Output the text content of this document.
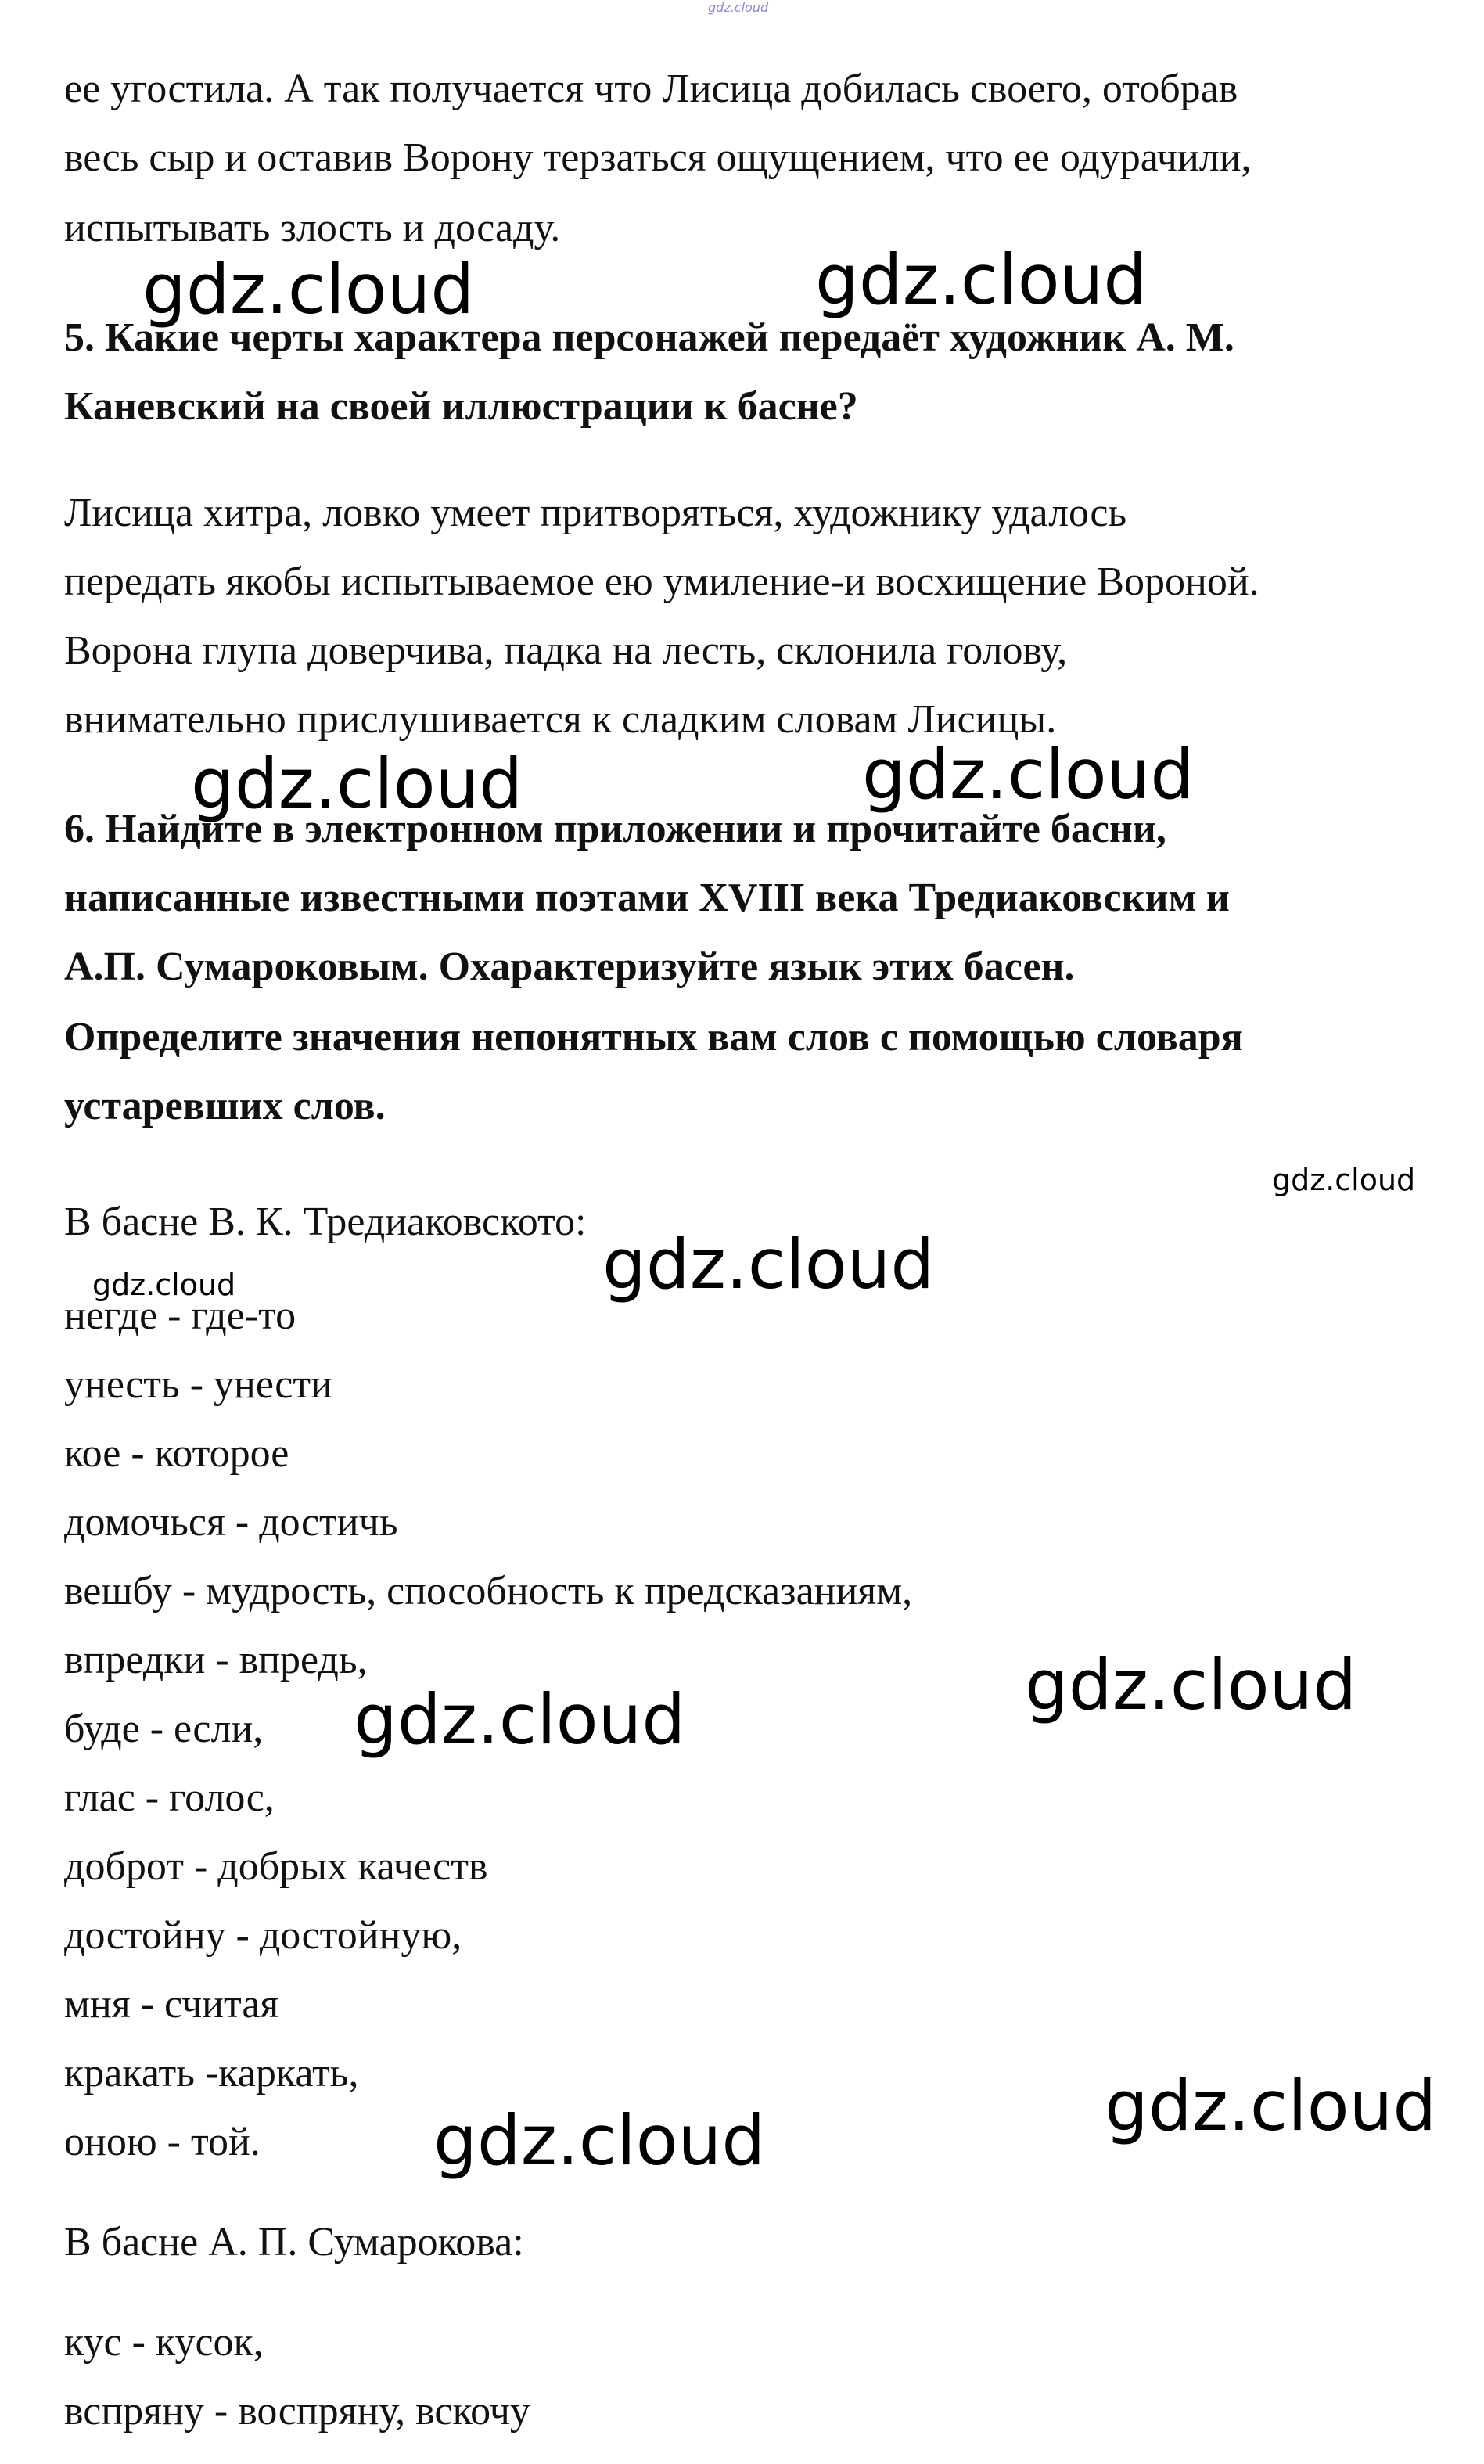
gdz.cloud
ее угостила. А так получается что Лисица добилась своего, отобрав
весь сыр и оставив Ворону терзаться ощущением, что ее одурачили,
испытывать злость и досаду.
5. Какие черты характера персонажей передаёт художник А. М.
Каневский на своей иллюстрации к басне?
Лисица хитра, ловко умеет притворяться, художнику удалось
передать якобы испытываемое ею умиление-и восхищение Вороной.
Ворона глупа доверчива, падка на лесть, склонила голову,
внимательно прислушивается к сладким словам Лисицы.
6. Найдите в электронном приложении и прочитайте басни,
написанные известными поэтами XVIII века Тредиаковским и
А.П. Сумароковым. Охарактеризуйте язык этих басен.
Определите значения непонятных вам слов с помощью словаря
устаревших слов.
В басне В. К. Тредиаковското:
негде - где-то
унесть - унести
кое - которое
домочься - достичь
вешбу - мудрость, способность к предсказаниям,
впредки - впредь,
буде - если,
глас - голос,
доброт - добрых качеств
достойну - достойную,
мня - считая
кракать -каркать,
оною - той.
В басне А. П. Сумарокова:
кус - кусок,
вспряну - воспряну, вскочу
gdz.cloud	gdz.cloud
gdz.cloud	gdz.cloud
gdz.cloud
gdz.cloud
gdz.cloud
gdz.cloud
gdz.cloud
gdz.cloud
gdz.cloud
